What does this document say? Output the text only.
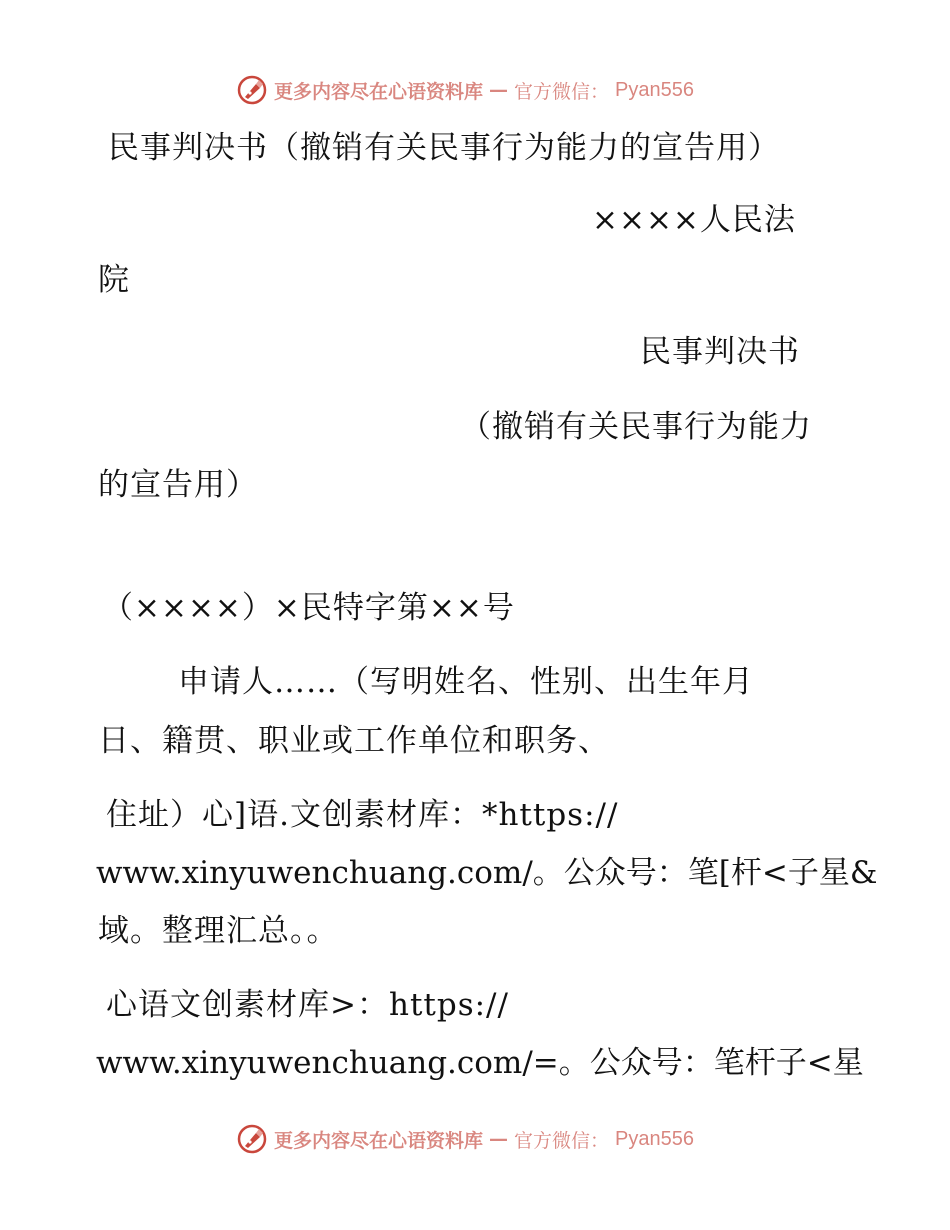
更多内容尽在心语资料库 — 官方微信： Pyan556
民事判决书（撤销有关民事行为能力的宣告用）
××××人民法
院
民事判决书
（撤销有关民事行为能力
的宣告用）
（××××）×民特字第××号
申请人……（写明姓名、性别、出生年月
日、籍贯、职业或工作单位和职务、
住址）心]语.文创素材库：*https://
www.xinyuwenchuang.com/。公众号：笔[杆<子星&
域。整理汇总。。
心语文创素材库>：https://
www.xinyuwenchuang.com/=。公众号：笔杆子<星
更多内容尽在心语资料库 — 官方微信： Pyan556
